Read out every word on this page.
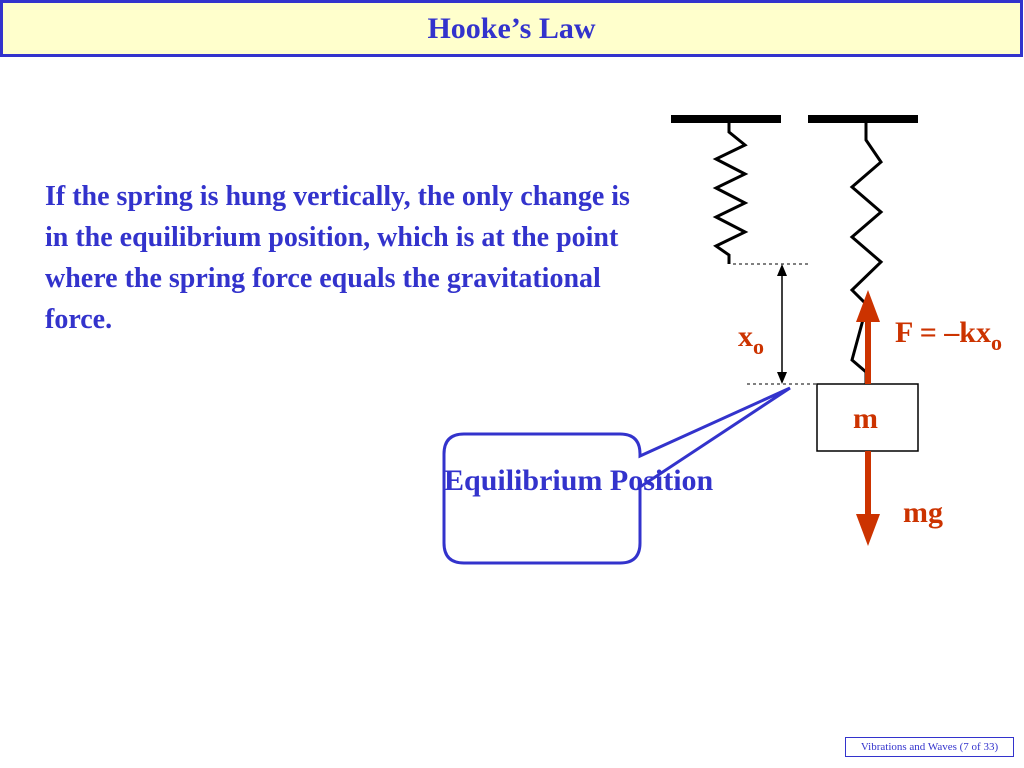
Hooke’s Law

If the spring is hung vertically, the only change is in the equilibrium position, which is at the point where the spring force equals the gravitational force.

Equilibrium Position
$x_o$	$F = -kx_o$
m
mg
Vibrations and Waves (7 of 33)
